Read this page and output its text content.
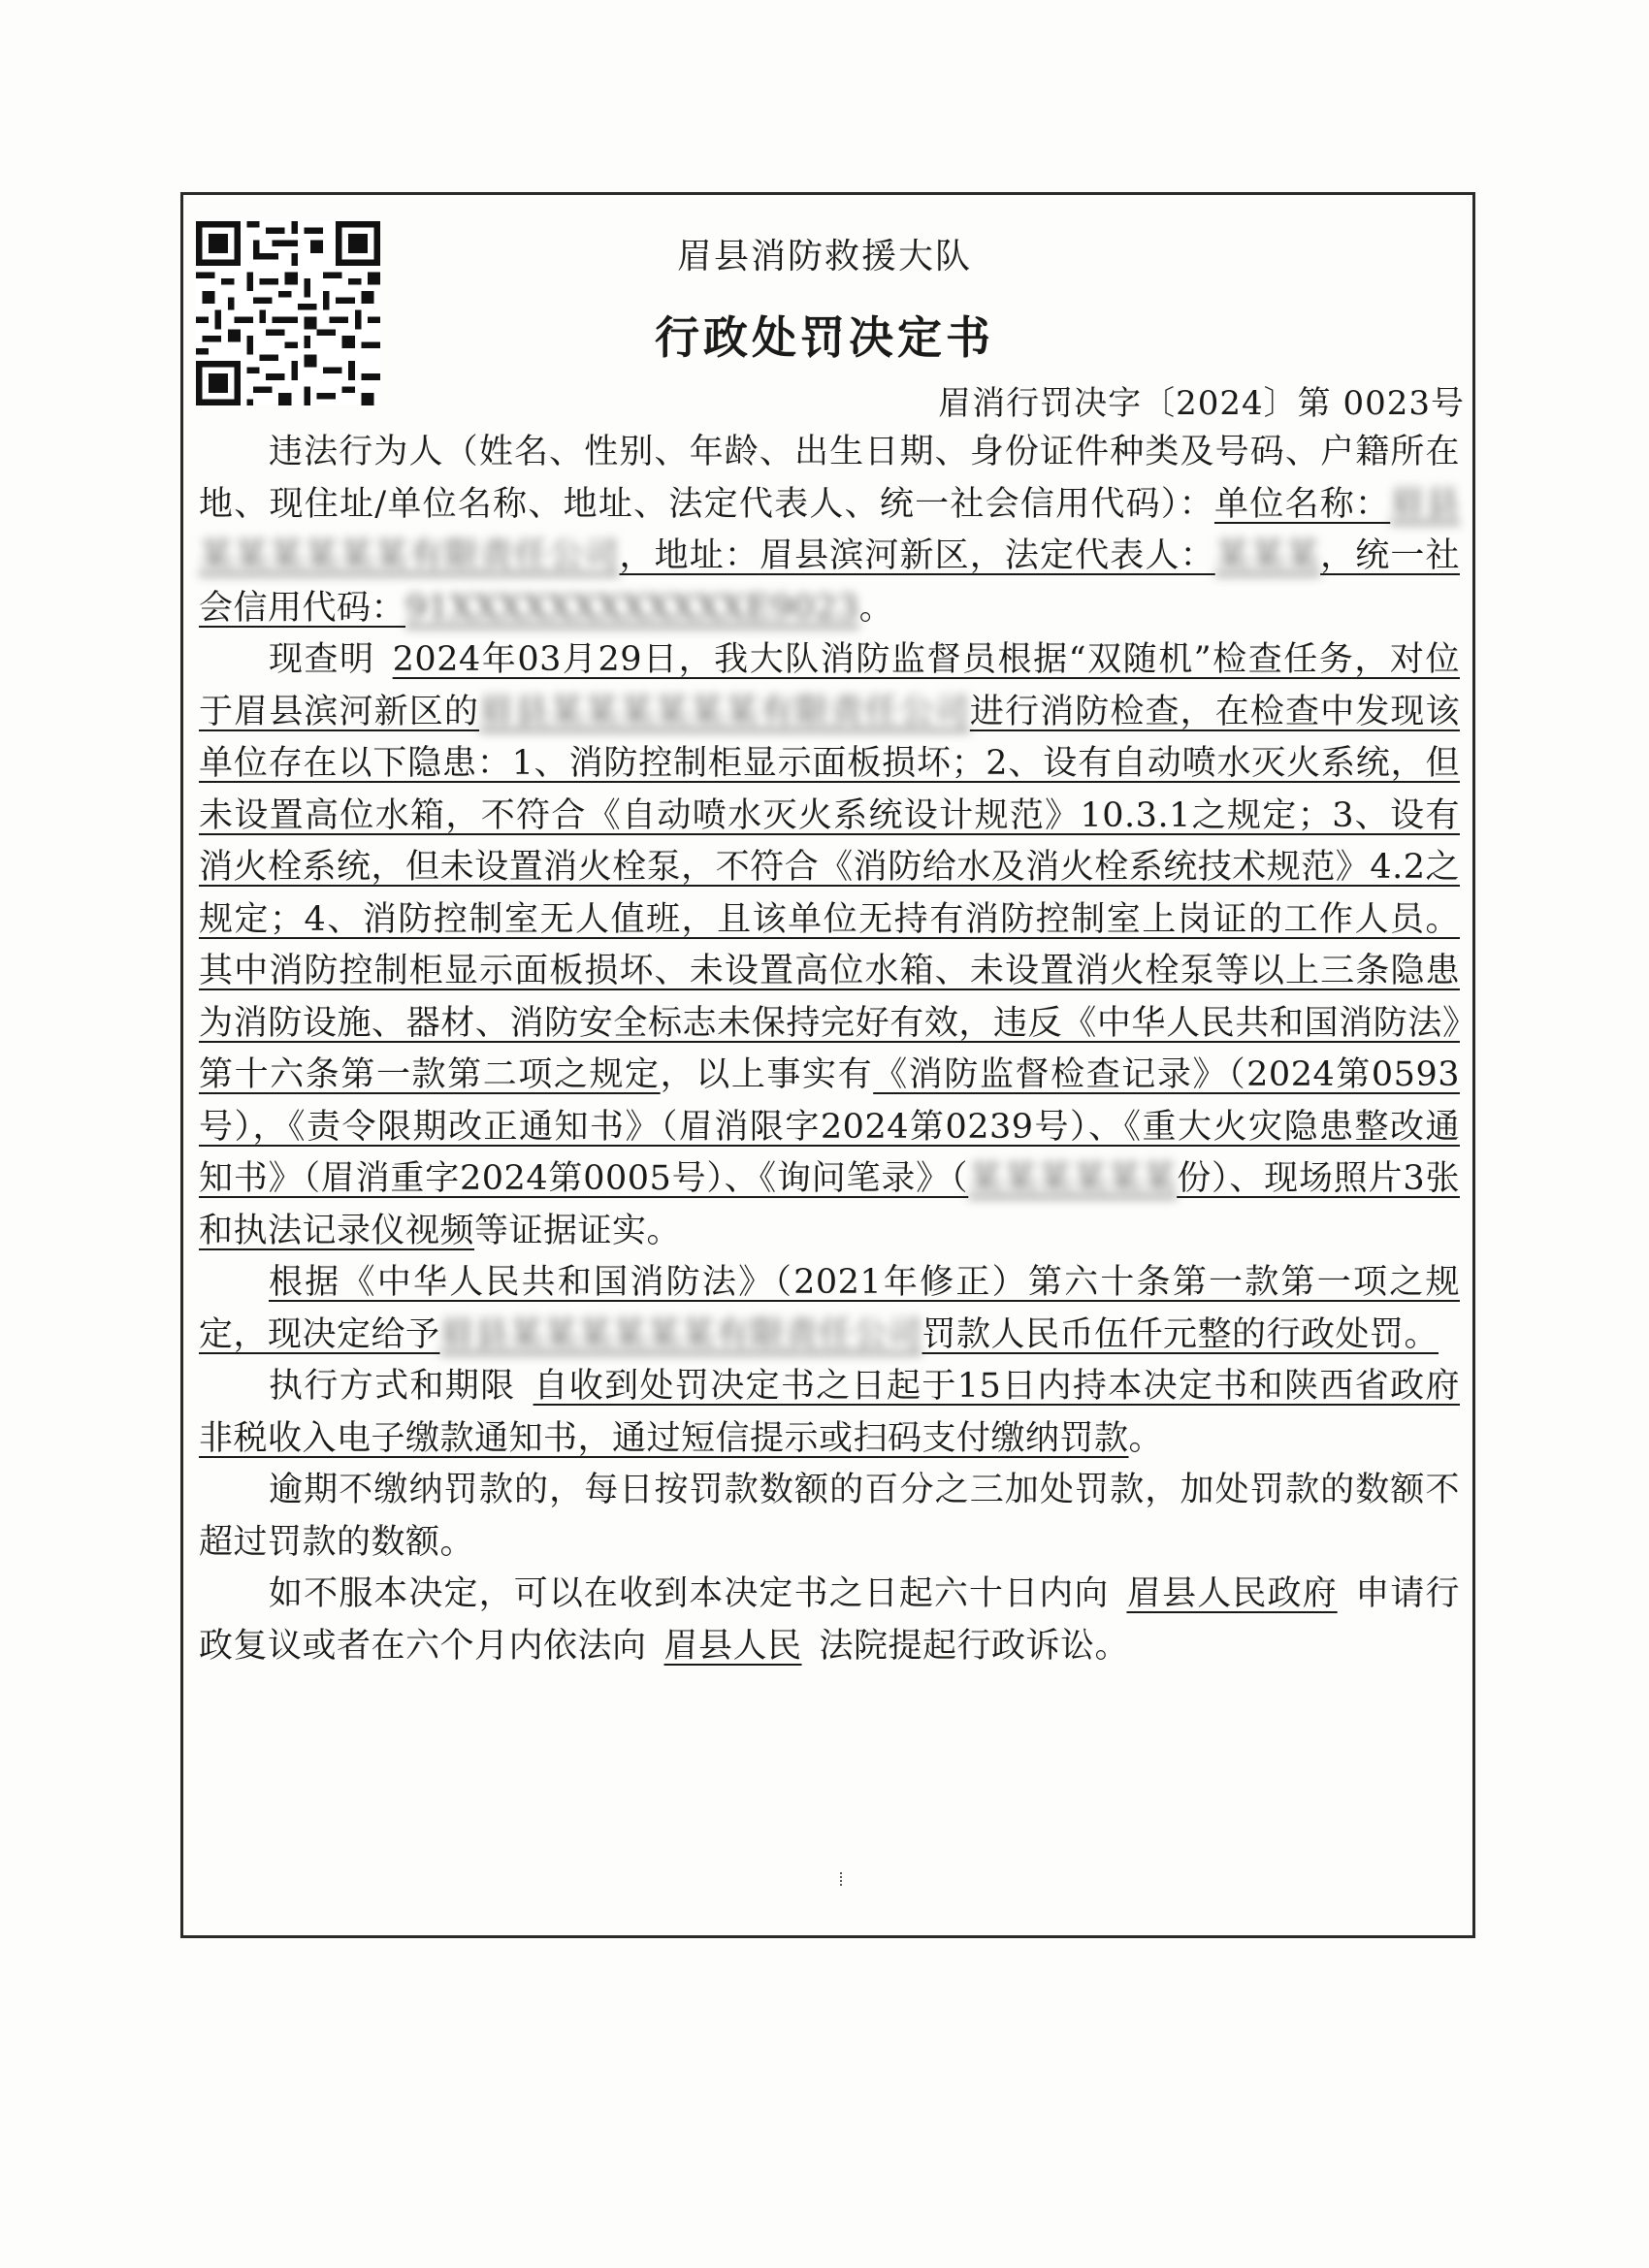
眉县消防救援大队
行政处罚决定书
眉消行罚决字〔2024〕第 0023号

违法行为人（姓名、性别、年龄、出生日期、身份证件种类及号码、户籍所在地、现住址/单位名称、地址、法定代表人、统一社会信用代码）：单位名称：眉县某某某某某某有限责任公司，地址：眉县滨河新区，法定代表人：某某某，统一社会信用代码：91XXXXXXXXXXXXE9023。

现查明 2024年03月29日，我大队消防监督员根据“双随机”检查任务，对位于眉县滨河新区的眉县某某某某某某有限责任公司进行消防检查，在检查中发现该单位存在以下隐患：1、消防控制柜显示面板损坏；2、设有自动喷水灭火系统，但未设置高位水箱，不符合《自动喷水灭火系统设计规范》10.3.1之规定；3、设有消火栓系统，但未设置消火栓泵，不符合《消防给水及消火栓系统技术规范》4.2之规定；4、消防控制室无人值班，且该单位无持有消防控制室上岗证的工作人员。其中消防控制柜显示面板损坏、未设置高位水箱、未设置消火栓泵等以上三条隐患为消防设施、器材、消防安全标志未保持完好有效，违反《中华人民共和国消防法》第十六条第一款第二项之规定，以上事实有《消防监督检查记录》（2024第0593号），《责令限期改正通知书》（眉消限字2024第0239号）、《重大火灾隐患整改通知书》（眉消重字2024第0005号）、《询问笔录》（某某某某某某份）、现场照片3张和执法记录仪视频等证据证实。

根据《中华人民共和国消防法》（2021年修正）第六十条第一款第一项之规定，现决定给予眉县某某某某某某有限责任公司罚款人民币伍仟元整的行政处罚。

执行方式和期限 自收到处罚决定书之日起于15日内持本决定书和陕西省政府非税收入电子缴款通知书，通过短信提示或扫码支付缴纳罚款。

逾期不缴纳罚款的，每日按罚款数额的百分之三加处罚款，加处罚款的数额不超过罚款的数额。

如不服本决定，可以在收到本决定书之日起六十日内向 眉县人民政府 申请行政复议或者在六个月内依法向 眉县人民 法院提起行政诉讼。
